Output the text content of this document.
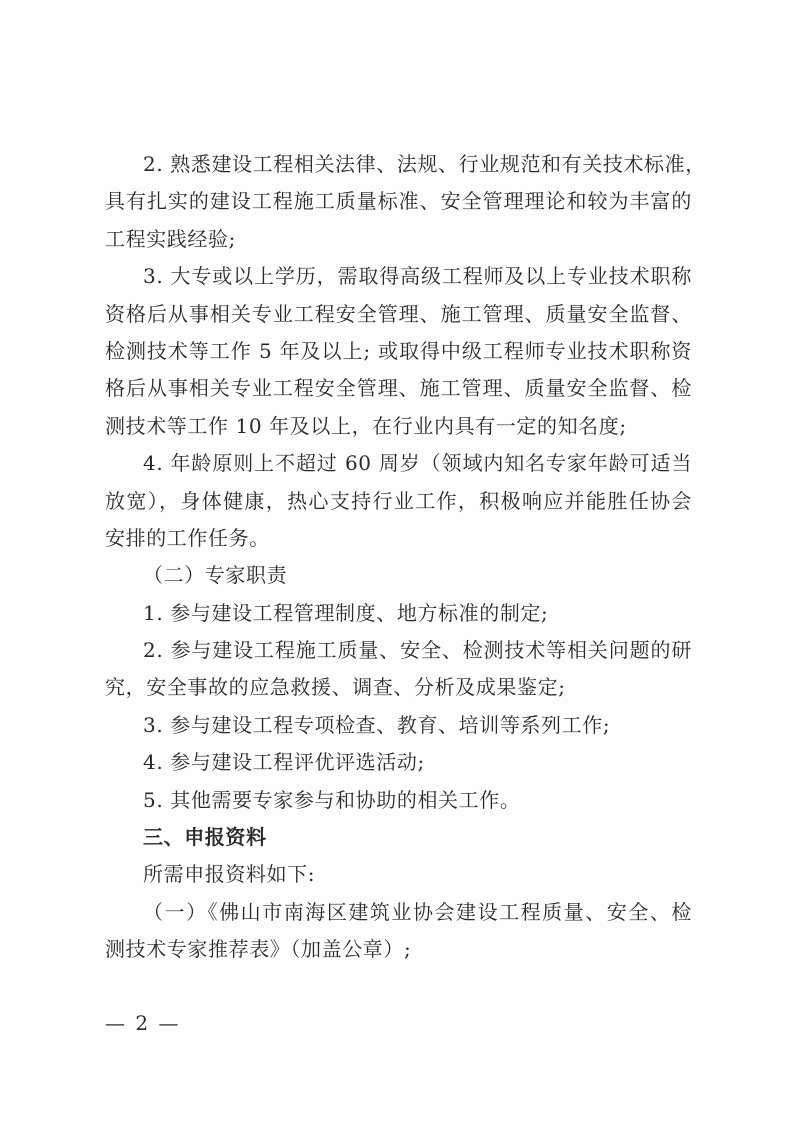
2. 熟悉建设工程相关法律、法规、行业规范和有关技术标准，
具有扎实的建设工程施工质量标准、安全管理理论和较为丰富的
工程实践经验;
3. 大专或以上学历，需取得高级工程师及以上专业技术职称
资格后从事相关专业工程安全管理、施工管理、质量安全监督、
检测技术等工作 5 年及以上; 或取得中级工程师专业技术职称资
格后从事相关专业工程安全管理、施工管理、质量安全监督、检
测技术等工作 10 年及以上，在行业内具有一定的知名度;
4. 年龄原则上不超过 60 周岁（领域内知名专家年龄可适当
放宽），身体健康，热心支持行业工作，积极响应并能胜任协会
安排的工作任务。
（二）专家职责
1. 参与建设工程管理制度、地方标准的制定;
2. 参与建设工程施工质量、安全、检测技术等相关问题的研
究，安全事故的应急救援、调查、分析及成果鉴定;
3. 参与建设工程专项检查、教育、培训等系列工作;
4. 参与建设工程评优评选活动;
5. 其他需要专家参与和协助的相关工作。
三、申报资料
所需申报资料如下:
（一）《佛山市南海区建筑业协会建设工程质量、安全、检
测技术专家推荐表》（加盖公章）;
— 2 —
